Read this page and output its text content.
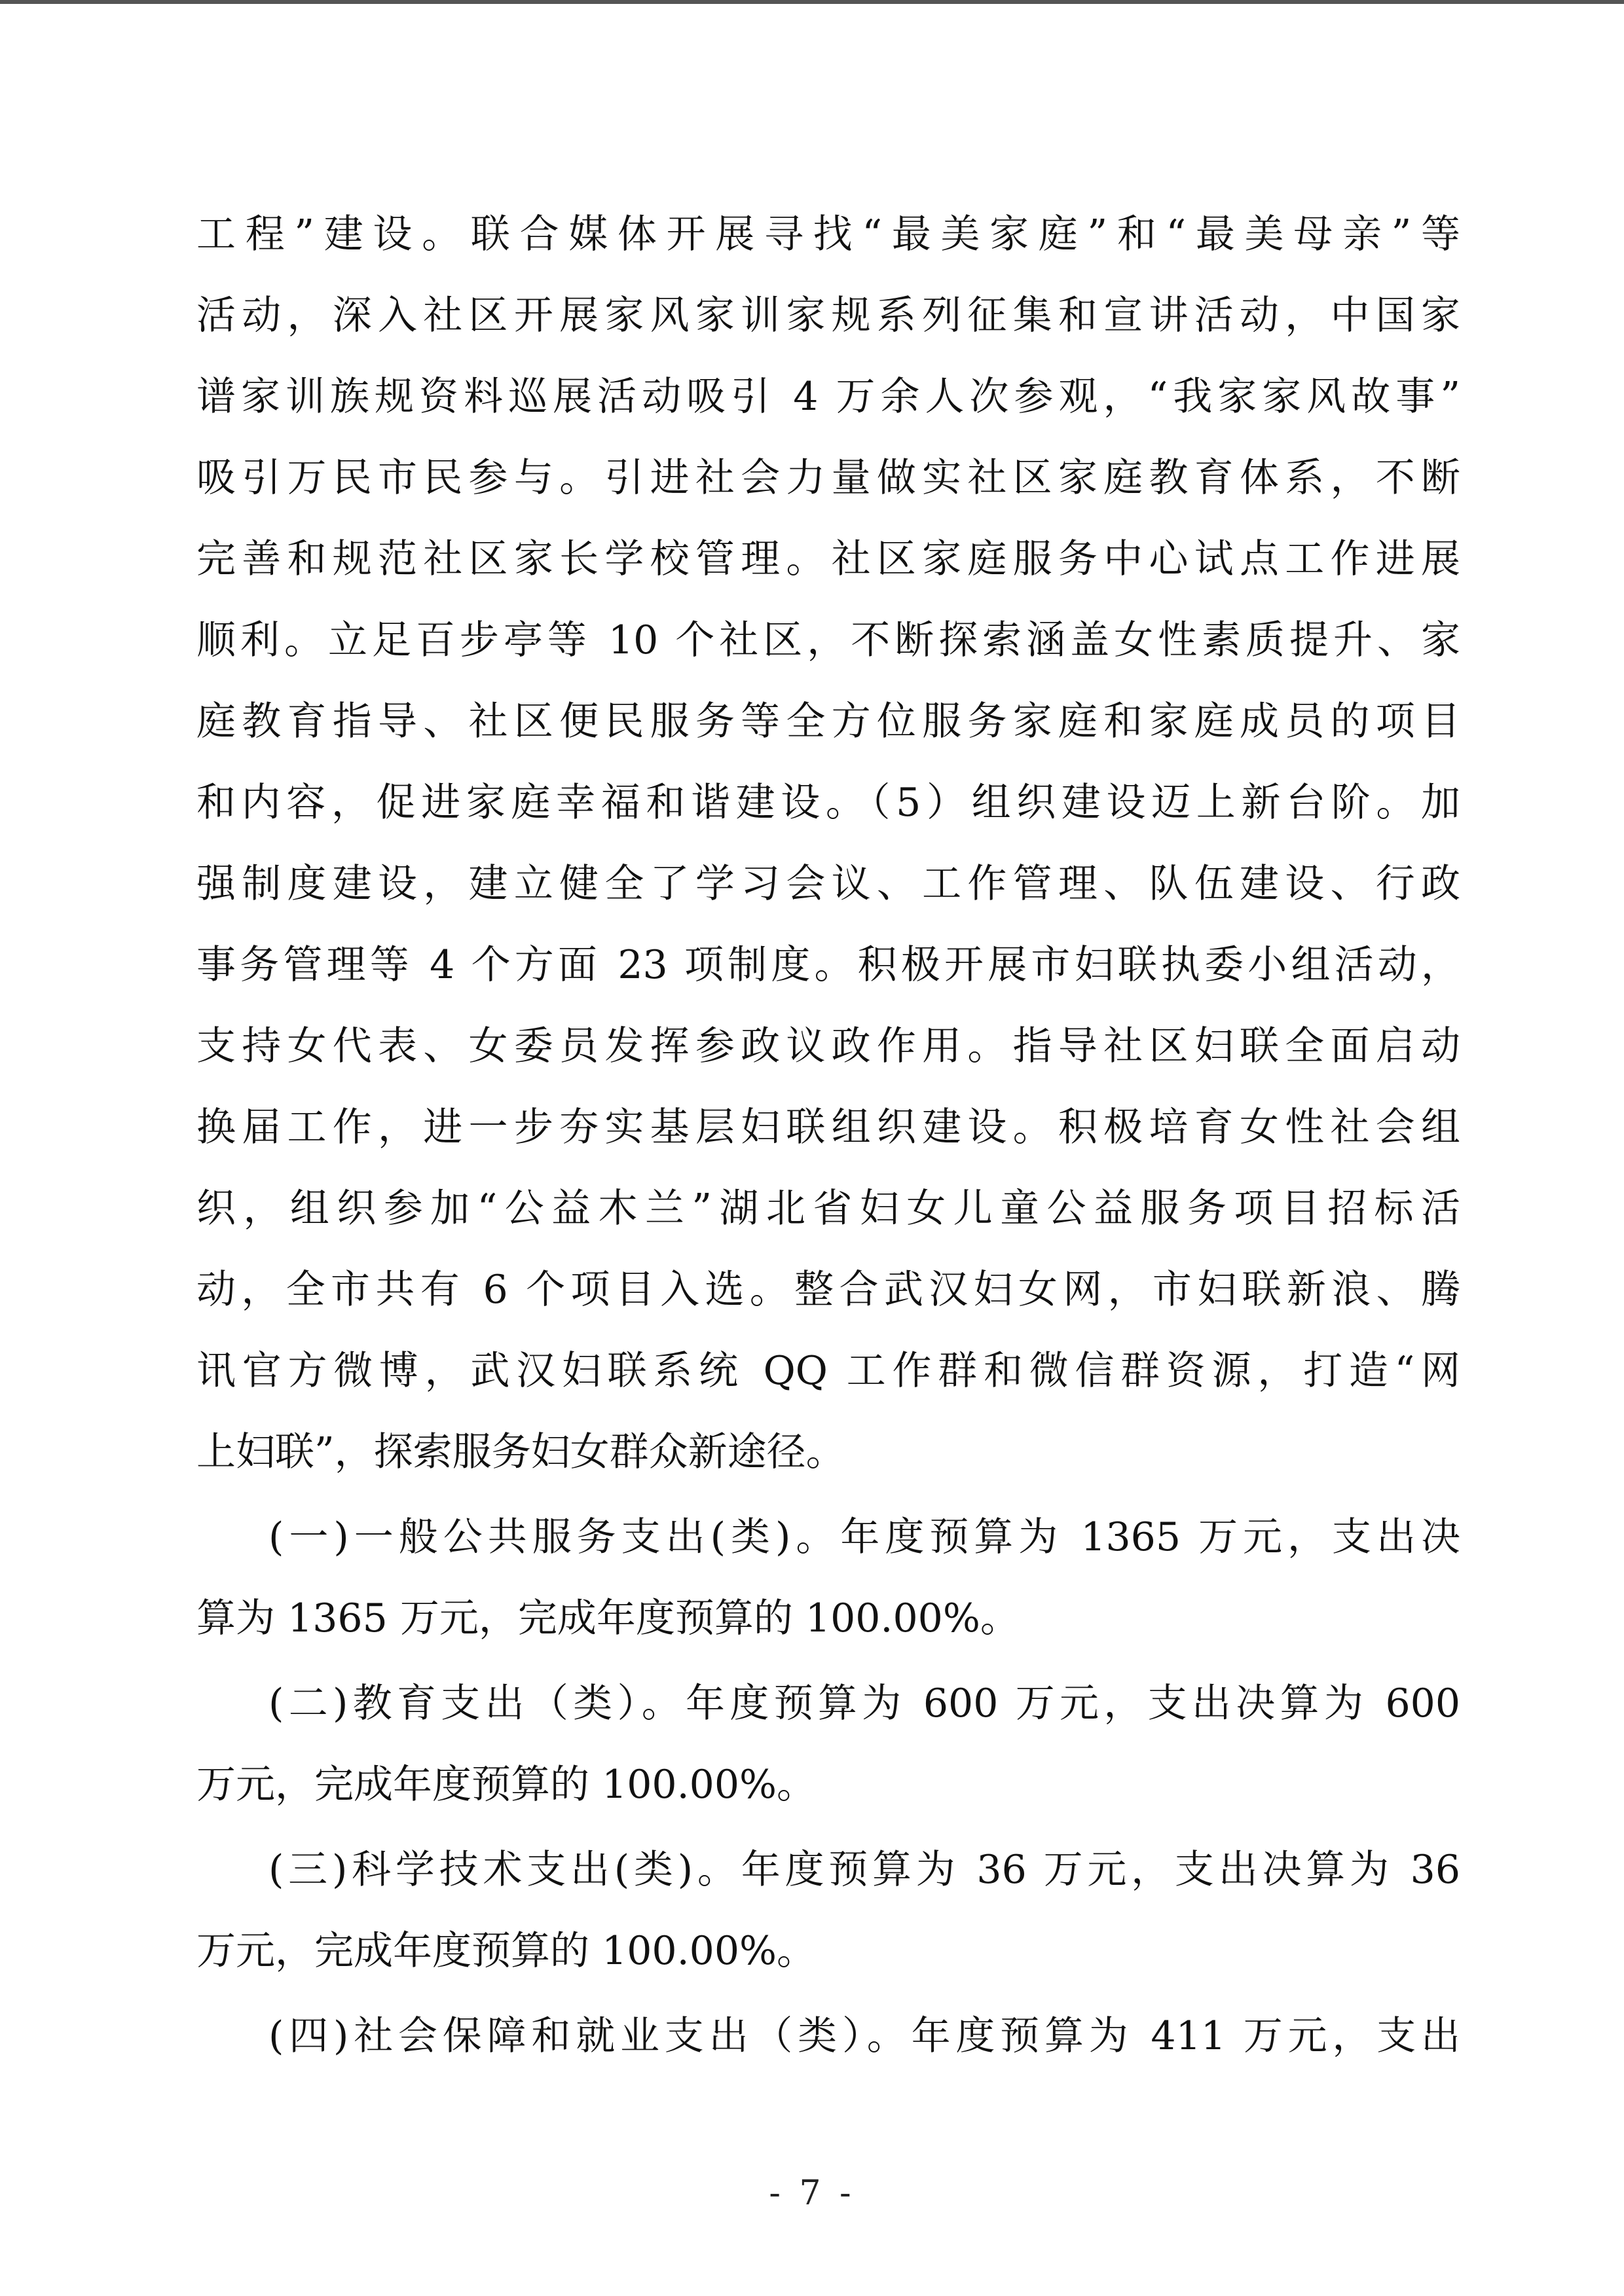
工程”建设。联合媒体开展寻找“最美家庭”和“最美母亲”等
活动，深入社区开展家风家训家规系列征集和宣讲活动，中国家
谱家训族规资料巡展活动吸引 4 万余人次参观，“我家家风故事”
吸引万民市民参与。引进社会力量做实社区家庭教育体系，不断
完善和规范社区家长学校管理。社区家庭服务中心试点工作进展
顺利。立足百步亭等 10 个社区，不断探索涵盖女性素质提升、家
庭教育指导、社区便民服务等全方位服务家庭和家庭成员的项目
和内容，促进家庭幸福和谐建设。（5）组织建设迈上新台阶。加
强制度建设，建立健全了学习会议、工作管理、队伍建设、行政
事务管理等 4 个方面 23 项制度。积极开展市妇联执委小组活动，
支持女代表、女委员发挥参政议政作用。指导社区妇联全面启动
换届工作，进一步夯实基层妇联组织建设。积极培育女性社会组
织，组织参加“公益木兰”湖北省妇女儿童公益服务项目招标活
动，全市共有 6 个项目入选。整合武汉妇女网，市妇联新浪、腾
讯官方微博，武汉妇联系统 QQ 工作群和微信群资源，打造“网
上妇联”，探索服务妇女群众新途径。
(一)一般公共服务支出(类)。年度预算为 1365 万元，支出决
算为 1365 万元，完成年度预算的 100.00%。
(二)教育支出（类）。年度预算为 600 万元，支出决算为 600
万元，完成年度预算的 100.00%。
(三)科学技术支出(类)。年度预算为 36 万元，支出决算为 36
万元，完成年度预算的 100.00%。
(四)社会保障和就业支出（类）。年度预算为 411 万元，支出
- 7 -
